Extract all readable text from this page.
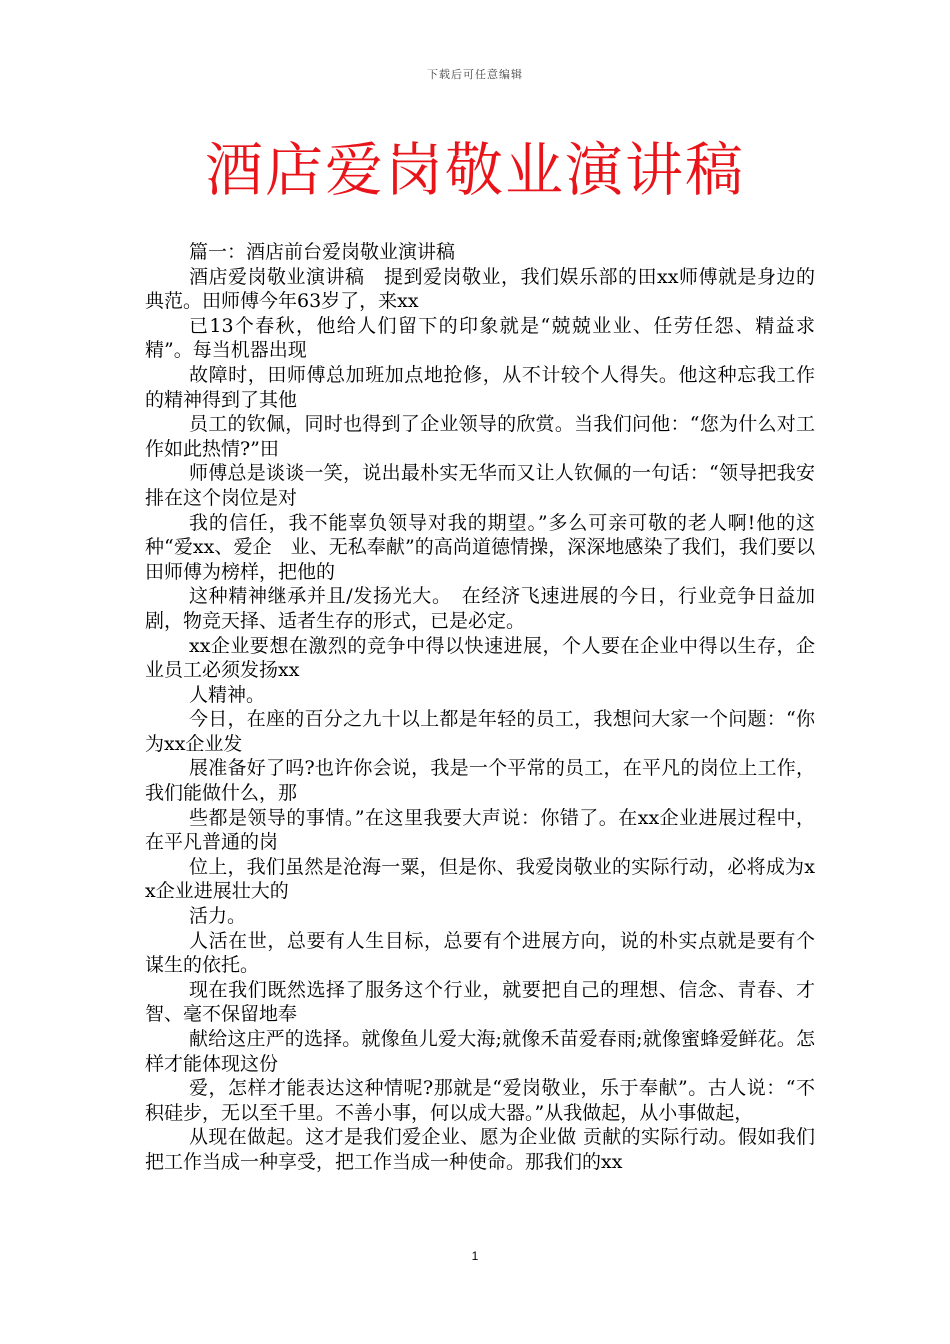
下载后可任意编辑
酒店爱岗敬业演讲稿

篇一：酒店前台爱岗敬业演讲稿

酒店爱岗敬业演讲稿　提到爱岗敬业，我们娱乐部的田xx师傅就是身边的典范。田师傅今年63岁了，来xx

已13个春秋，他给人们留下的印象就是“兢兢业业、任劳任怨、精益求精”。每当机器出现

故障时，田师傅总加班加点地抢修，从不计较个人得失。他这种忘我工作的精神得到了其他

员工的钦佩，同时也得到了企业领导的欣赏。当我们问他：“您为什么对工作如此热情?”田

师傅总是谈谈一笑，说出最朴实无华而又让人钦佩的一句话：“领导把我安排在这个岗位是对

我的信任，我不能辜负领导对我的期望。”多么可亲可敬的老人啊!他的这种“爱xx、爱企　业、无私奉献”的高尚道德情操，深深地感染了我们，我们要以田师傅为榜样，把他的

这种精神继承并且/发扬光大。　在经济飞速进展的今日，行业竞争日益加剧，物竞天择、适者生存的形式，已是必定。

xx企业要想在激烈的竞争中得以快速进展，个人要在企业中得以生存，企业员工必须发扬xx

人精神。

今日，在座的百分之九十以上都是年轻的员工，我想问大家一个问题：“你为xx企业发

展准备好了吗?也许你会说，我是一个平常的员工，在平凡的岗位上工作，我们能做什么，那

些都是领导的事情。”在这里我要大声说：你错了。在xx企业进展过程中，在平凡普通的岗

位上，我们虽然是沧海一粟，但是你、我爱岗敬业的实际行动，必将成为xx企业进展壮大的

活力。

人活在世，总要有人生目标，总要有个进展方向，说的朴实点就是要有个谋生的依托。

现在我们既然选择了服务这个行业，就要把自己的理想、信念、青春、才智、毫不保留地奉

献给这庄严的选择。就像鱼儿爱大海;就像禾苗爱春雨;就像蜜蜂爱鲜花。怎样才能体现这份

爱，怎样才能表达这种情呢?那就是“爱岗敬业，乐于奉献”。古人说：“不积硅步，无以至千里。不善小事，何以成大器。”从我做起，从小事做起，

从现在做起。这才是我们爱企业、愿为企业做 贡献的实际行动。假如我们把工作当成一种享受，把工作当成一种使命。那我们的xx

1
